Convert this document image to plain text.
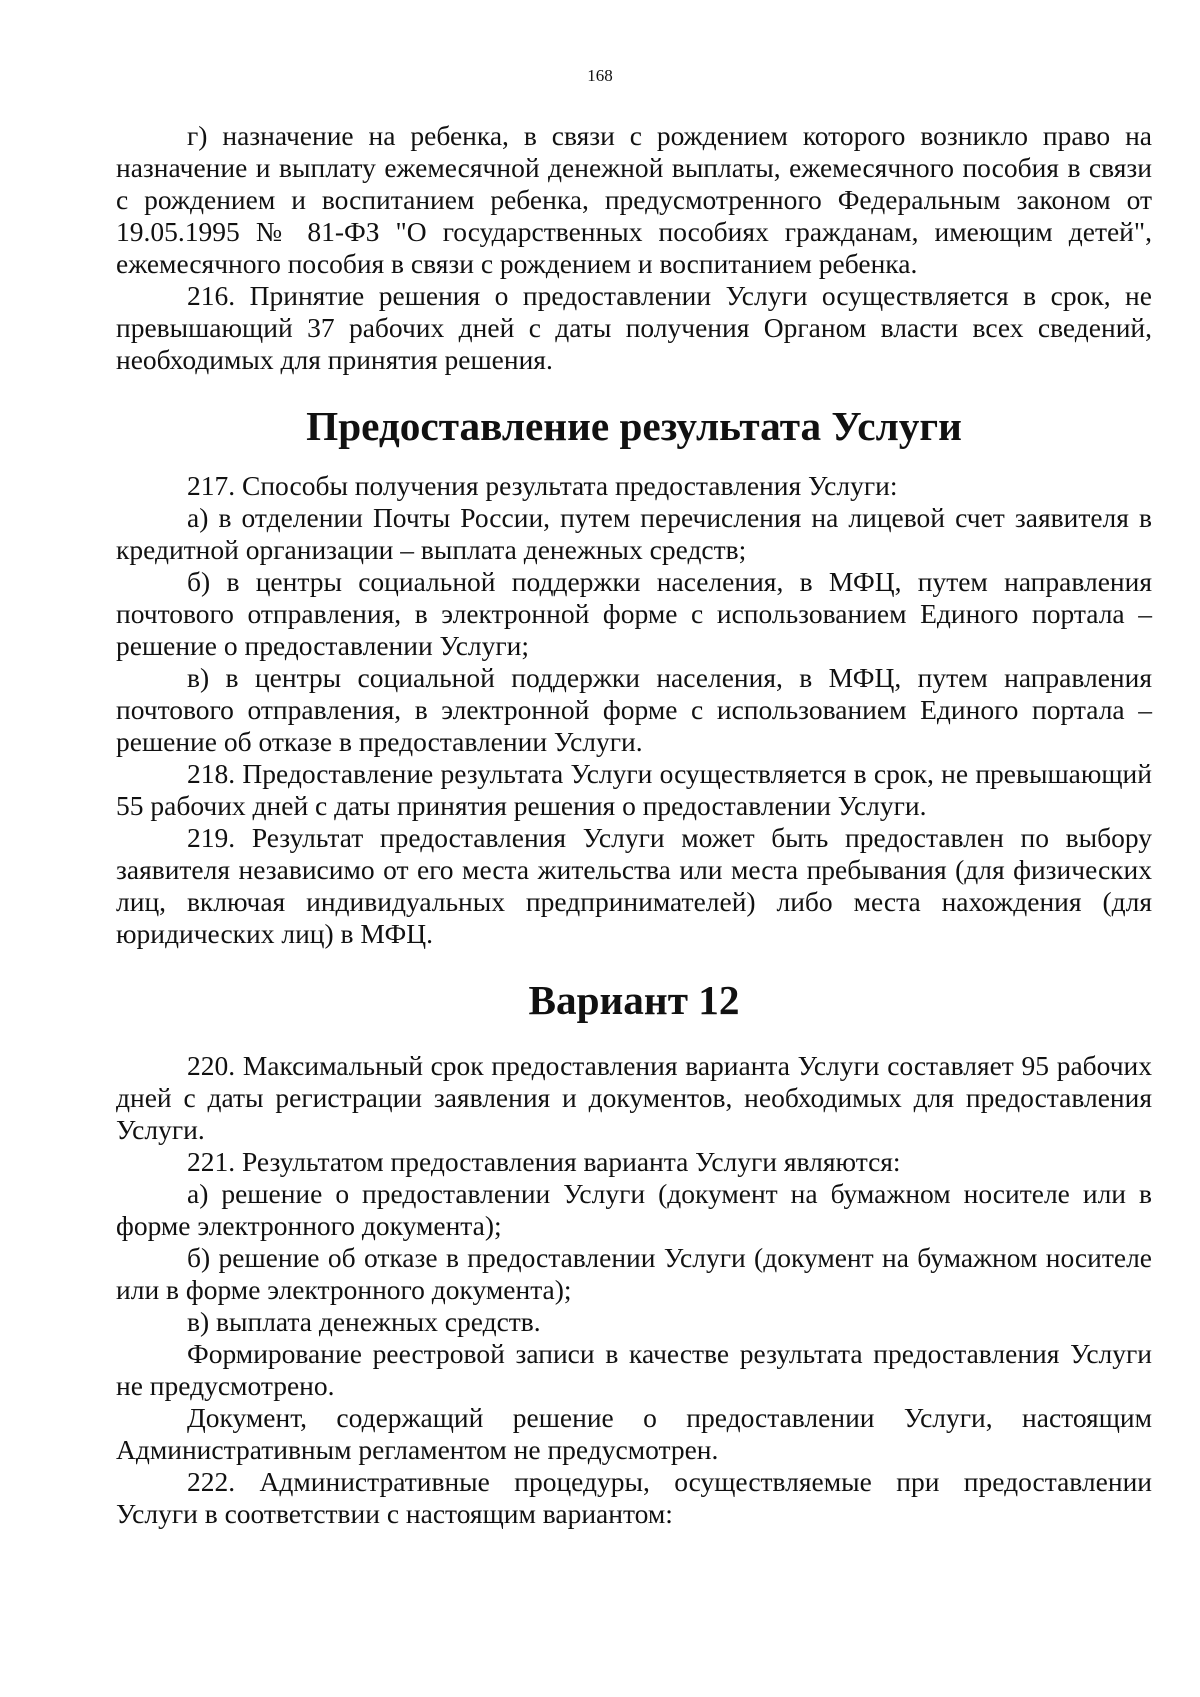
168

г) назначение на ребенка, в связи с рождением которого возникло право на назначение и выплату ежемесячной денежной выплаты, ежемесячного пособия в связи с рождением и воспитанием ребенка, предусмотренного Федеральным законом от 19.05.1995 № 81-ФЗ "О государственных пособиях гражданам, имеющим детей", ежемесячного пособия в связи с рождением и воспитанием ребенка.

216. Принятие решения о предоставлении Услуги осуществляется в срок, не превышающий 37 рабочих дней с даты получения Органом власти всех сведений, необходимых для принятия решения.

Предоставление результата Услуги

217. Способы получения результата предоставления Услуги:

а) в отделении Почты России, путем перечисления на лицевой счет заявителя в кредитной организации – выплата денежных средств;

б) в центры социальной поддержки населения, в МФЦ, путем направления почтового отправления, в электронной форме с использованием Единого портала – решение о предоставлении Услуги;

в) в центры социальной поддержки населения, в МФЦ, путем направления почтового отправления, в электронной форме с использованием Единого портала – решение об отказе в предоставлении Услуги.

218. Предоставление результата Услуги осуществляется в срок, не превышающий 55 рабочих дней с даты принятия решения о предоставлении Услуги.

219. Результат предоставления Услуги может быть предоставлен по выбору заявителя независимо от его места жительства или места пребывания (для физических лиц, включая индивидуальных предпринимателей) либо места нахождения (для юридических лиц) в МФЦ.

Вариант 12

220. Максимальный срок предоставления варианта Услуги составляет 95 рабочих дней с даты регистрации заявления и документов, необходимых для предоставления Услуги.

221. Результатом предоставления варианта Услуги являются:

а) решение о предоставлении Услуги (документ на бумажном носителе или в форме электронного документа);

б) решение об отказе в предоставлении Услуги (документ на бумажном носителе или в форме электронного документа);

в) выплата денежных средств.

Формирование реестровой записи в качестве результата предоставления Услуги не предусмотрено.

Документ, содержащий решение о предоставлении Услуги, настоящим Административным регламентом не предусмотрен.

222. Административные процедуры, осуществляемые при предоставлении Услуги в соответствии с настоящим вариантом:
